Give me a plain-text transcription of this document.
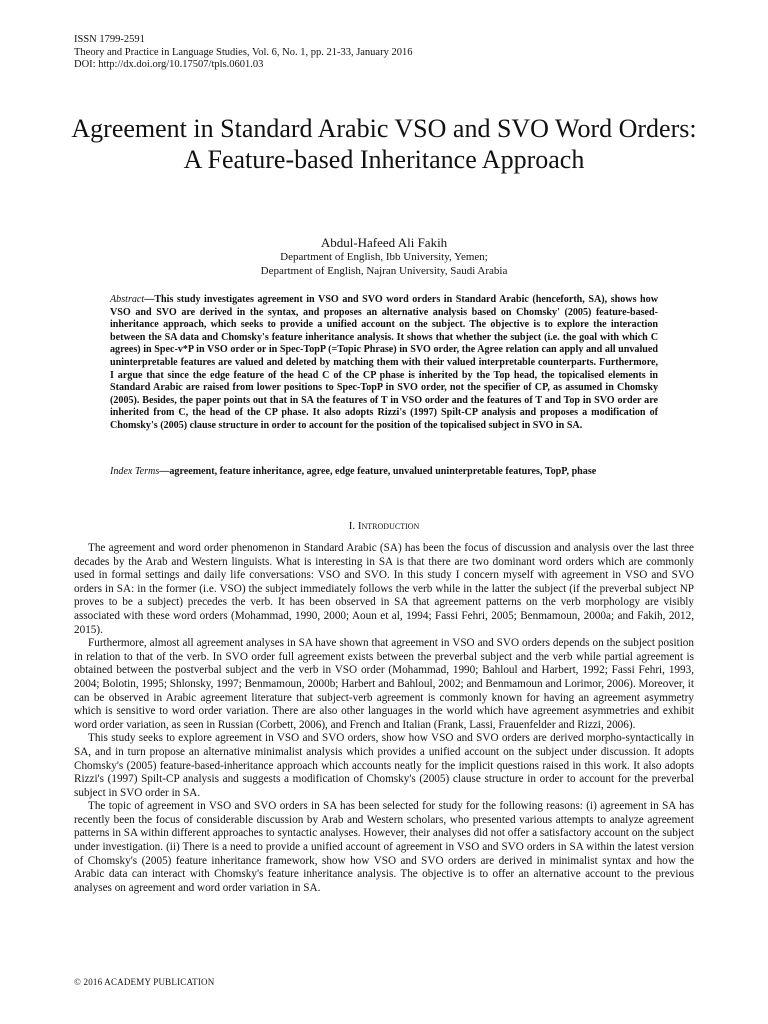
ISSN 1799-2591
Theory and Practice in Language Studies, Vol. 6, No. 1, pp. 21-33, January 2016
DOI: http://dx.doi.org/10.17507/tpls.0601.03
Agreement in Standard Arabic VSO and SVO Word Orders: A Feature-based Inheritance Approach
Abdul-Hafeed Ali Fakih
Department of English, Ibb University, Yemen;
Department of English, Najran University, Saudi Arabia
Abstract—This study investigates agreement in VSO and SVO word orders in Standard Arabic (henceforth, SA), shows how VSO and SVO are derived in the syntax, and proposes an alternative analysis based on Chomsky' (2005) feature-based-inheritance approach, which seeks to provide a unified account on the subject. The objective is to explore the interaction between the SA data and Chomsky's feature inheritance analysis. It shows that whether the subject (i.e. the goal with which C agrees) in Spec-v*P in VSO order or in Spec-TopP (=Topic Phrase) in SVO order, the Agree relation can apply and all unvalued uninterpretable features are valued and deleted by matching them with their valued interpretable counterparts. Furthermore, I argue that since the edge feature of the head C of the CP phase is inherited by the Top head, the topicalised elements in Standard Arabic are raised from lower positions to Spec-TopP in SVO order, not the specifier of CP, as assumed in Chomsky (2005). Besides, the paper points out that in SA the features of T in VSO order and the features of T and Top in SVO order are inherited from C, the head of the CP phase. It also adopts Rizzi's (1997) Spilt-CP analysis and proposes a modification of Chomsky's (2005) clause structure in order to account for the position of the topicalised subject in SVO in SA.
Index Terms—agreement, feature inheritance, agree, edge feature, unvalued uninterpretable features, TopP, phase
I. Introduction

The agreement and word order phenomenon in Standard Arabic (SA) has been the focus of discussion and analysis over the last three decades by the Arab and Western linguists. What is interesting in SA is that there are two dominant word orders which are commonly used in formal settings and daily life conversations: VSO and SVO. In this study I concern myself with agreement in VSO and SVO orders in SA: in the former (i.e. VSO) the subject immediately follows the verb while in the latter the subject (if the preverbal subject NP proves to be a subject) precedes the verb. It has been observed in SA that agreement patterns on the verb morphology are visibly associated with these word orders (Mohammad, 1990, 2000; Aoun et al, 1994; Fassi Fehri, 2005; Benmamoun, 2000a; and Fakih, 2012, 2015).

Furthermore, almost all agreement analyses in SA have shown that agreement in VSO and SVO orders depends on the subject position in relation to that of the verb. In SVO order full agreement exists between the preverbal subject and the verb while partial agreement is obtained between the postverbal subject and the verb in VSO order (Mohammad, 1990; Bahloul and Harbert, 1992; Fassi Fehri, 1993, 2004; Bolotin, 1995; Shlonsky, 1997; Benmamoun, 2000b; Harbert and Bahloul, 2002; and Benmamoun and Lorimor, 2006). Moreover, it can be observed in Arabic agreement literature that subject-verb agreement is commonly known for having an agreement asymmetry which is sensitive to word order variation. There are also other languages in the world which have agreement asymmetries and exhibit word order variation, as seen in Russian (Corbett, 2006), and French and Italian (Frank, Lassi, Frauenfelder and Rizzi, 2006).

This study seeks to explore agreement in VSO and SVO orders, show how VSO and SVO orders are derived morpho-syntactically in SA, and in turn propose an alternative minimalist analysis which provides a unified account on the subject under discussion. It adopts Chomsky's (2005) feature-based-inheritance approach which accounts neatly for the implicit questions raised in this work. It also adopts Rizzi's (1997) Spilt-CP analysis and suggests a modification of Chomsky's (2005) clause structure in order to account for the preverbal subject in SVO order in SA.

The topic of agreement in VSO and SVO orders in SA has been selected for study for the following reasons: (i) agreement in SA has recently been the focus of considerable discussion by Arab and Western scholars, who presented various attempts to analyze agreement patterns in SA within different approaches to syntactic analyses. However, their analyses did not offer a satisfactory account on the subject under investigation. (ii) There is a need to provide a unified account of agreement in VSO and SVO orders in SA within the latest version of Chomsky's (2005) feature inheritance framework, show how VSO and SVO orders are derived in minimalist syntax and how the Arabic data can interact with Chomsky's feature inheritance analysis. The objective is to offer an alternative account to the previous analyses on agreement and word order variation in SA.

© 2016 ACADEMY PUBLICATION
